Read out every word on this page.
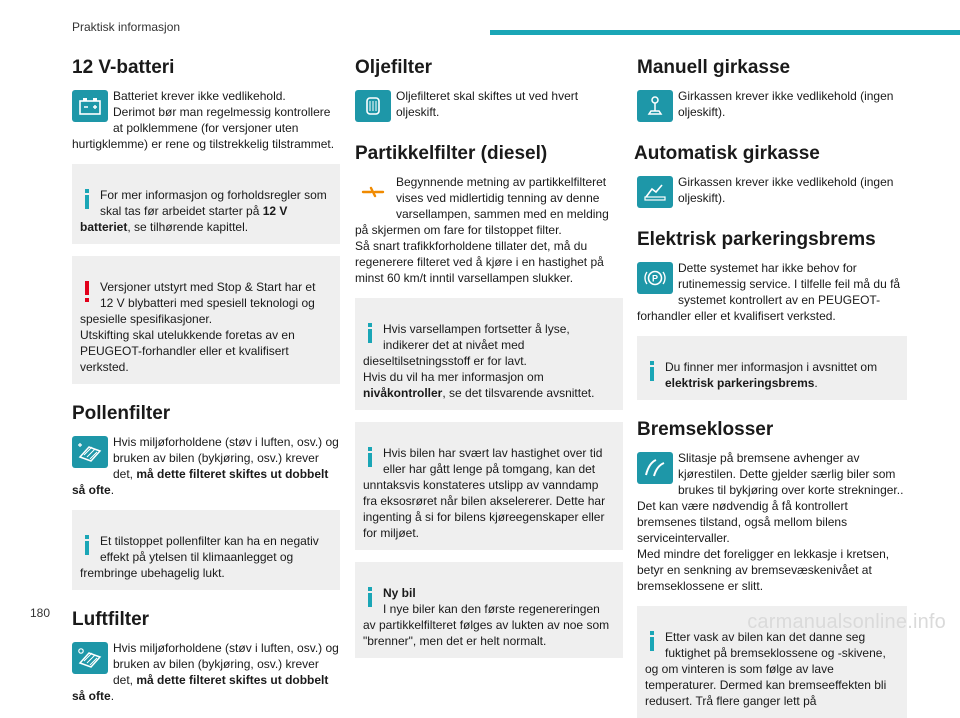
Praktisk informasjon
12 V-batteri
Batteriet krever ikke vedlikehold.
Derimot bør man regelmessig kontrollere at polklemmene (for versjoner uten hurtigklemme) er rene og tilstrekkelig tilstrammet.

For mer informasjon og forholdsregler som skal tas før arbeidet starter på 12 V batteriet, se tilhørende kapittel.

Versjoner utstyrt med Stop & Start har et 12 V blybatteri med spesiell teknologi og spesielle spesifikasjoner.
Utskifting skal utelukkende foretas av en PEUGEOT-forhandler eller et kvalifisert verksted.

Pollenfilter
Hvis miljøforholdene (støv i luften, osv.) og bruken av bilen (bykjøring, osv.) krever det, må dette filteret skiftes ut dobbelt så ofte.

Et tilstoppet pollenfilter kan ha en negativ effekt på ytelsen til klimaanlegget og frembringe ubehagelig lukt.

Luftfilter
Hvis miljøforholdene (støv i luften, osv.) og bruken av bilen (bykjøring, osv.) krever det, må dette filteret skiftes ut dobbelt så ofte.
Oljefilter
Oljefilteret skal skiftes ut ved hvert oljeskift.
Partikkelfilter (diesel)
Begynnende metning av partikkelfilteret vises ved midlertidig tenning av denne varsellampen, sammen med en melding på skjermen om fare for tilstoppet filter.
Så snart trafikkforholdene tillater det, må du regenerere filteret ved å kjøre i en hastighet på minst 60 km/t inntil varsellampen slukker.

Hvis varsellampen fortsetter å lyse, indikerer det at nivået med dieseltilsetningsstoff er for lavt.
Hvis du vil ha mer informasjon om nivåkontroller, se det tilsvarende avsnittet.

Hvis bilen har svært lav hastighet over tid eller har gått lenge på tomgang, kan det unntaksvis konstateres utslipp av vanndamp fra eksosrøret når bilen akselererer. Dette har ingenting å si for bilens kjøreegenskaper eller for miljøet.

Ny bil
I nye biler kan den første regenereringen av partikkelfilteret følges av lukten av noe som "brenner", men det er helt normalt.

Manuell girkasse
Girkassen krever ikke vedlikehold (ingen oljeskift).
Automatisk girkasse
Girkassen krever ikke vedlikehold (ingen oljeskift).
Elektrisk parkeringsbrems
P
Dette systemet har ikke behov for rutinemessig service. I tilfelle feil må du få systemet kontrollert av en PEUGEOT-forhandler eller et kvalifisert verksted.

Du finner mer informasjon i avsnittet om elektrisk parkeringsbrems.

Bremseklosser
Slitasje på bremsene avhenger av kjørestilen. Dette gjelder særlig biler som brukes til bykjøring over korte strekninger.. Det kan være nødvendig å få kontrollert bremsenes tilstand, også mellom bilens serviceintervaller.
Med mindre det foreligger en lekkasje i kretsen, betyr en senkning av bremsevæskenivået at bremseklossene er slitt.

Etter vask av bilen kan det danne seg fuktighet på bremseklossene og -skivene, og om vinteren is som følge av lave temperaturer. Dermed kan bremseeffekten bli redusert. Trå flere ganger lett på

180	carmanualsonline.info
